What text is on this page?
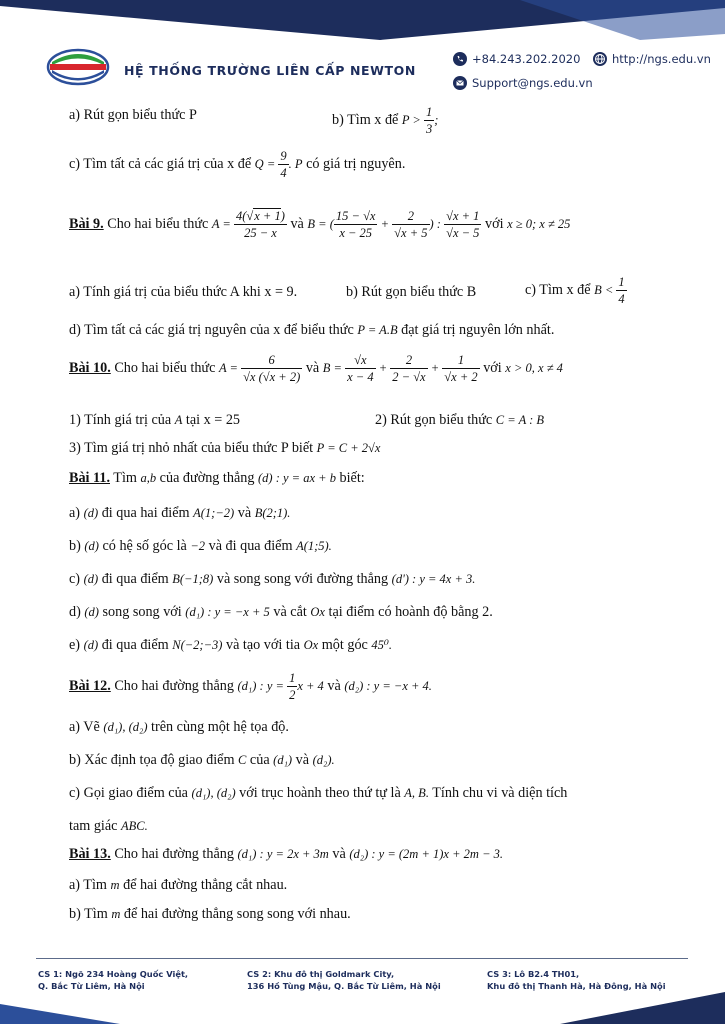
HỆ THỐNG TRƯỜNG LIÊN CẤP NEWTON
+84.243.202.2020	http://ngs.edu.vn
Support@ngs.edu.vn
a) Rút gọn biểu thức P	b) Tìm x để $P > \frac{1}{3}$ ;
c) Tìm tất cả các giá trị của x để $Q = \frac{9}{4}$ . P có giá trị nguyên.
Bài 9. Cho hai biểu thức $A = \frac{4(√x + 1)}{25 - x}$ và B = ( $\frac{15 - √x}{x - 25} + \frac{2}{√x + 5}$ ) : $\frac{√x + 1}{√x - 5}$ với x ≥ 0; x ≠ 25
a) Tính giá trị của biểu thức A khi x = 9.	b) Rút gọn biểu thức B	c) Tìm x để $B < \frac{1}{4}$
d) Tìm tất cả các giá trị nguyên của x để biểu thức P = A.B đạt giá trị nguyên lớn nhất.
Bài 10. Cho hai biểu thức $A = \frac{6}{√x (√x + 2)}$ và $B = \frac{√x}{x - 4} + \frac{2}{2 - √x} + \frac{1}{√x + 2}$ với x > 0, x ≠ 4
1) Tính giá trị của A tại x = 25	2) Rút gọn biểu thức C = A : B
3) Tìm giá trị nhỏ nhất của biểu thức P biết P = C + 2√x
Bài 11. Tìm a,b của đường thẳng (d) : y = ax + b biết:
a) (d) đi qua hai điểm A(1;−2) và B(2;1).
b) (d) có hệ số góc là −2 và đi qua điểm A(1;5).
c) (d) đi qua điểm B(−1;8) và song song với đường thẳng (d') : y = 4x + 3.
d) (d) song song với (d₁) : y = −x + 5 và cắt Ox tại điểm có hoành độ bằng 2.
e) (d) đi qua điểm N(−2;−3) và tạo với tia Ox một góc 45⁰.
Bài 12. Cho hai đường thẳng (d₁) : $y = \frac{1}{2}$ x + 4 và (d₂) : y = −x + 4.
a) Vẽ (d₁), (d₂) trên cùng một hệ tọa độ.
b) Xác định tọa độ giao điểm C của (d₁) và (d₂).
c) Gọi giao điểm của (d₁), (d₂) với trục hoành theo thứ tự là A, B. Tính chu vi và diện tích
tam giác ABC.
Bài 13. Cho hai đường thẳng (d₁) : y = 2x + 3m và (d₂) : y = (2m + 1)x + 2m − 3.
a) Tìm m để hai đường thẳng cắt nhau.
b) Tìm m để hai đường thẳng song song với nhau.
CS 1: Ngõ 234 Hoàng Quốc Việt,
Q. Bắc Từ Liêm, Hà Nội
CS 2: Khu đô thị Goldmark City,
136 Hồ Tùng Mậu, Q. Bắc Từ Liêm, Hà Nội
CS 3: Lô B2.4 TH01,
Khu đô thị Thanh Hà, Hà Đông, Hà Nội
